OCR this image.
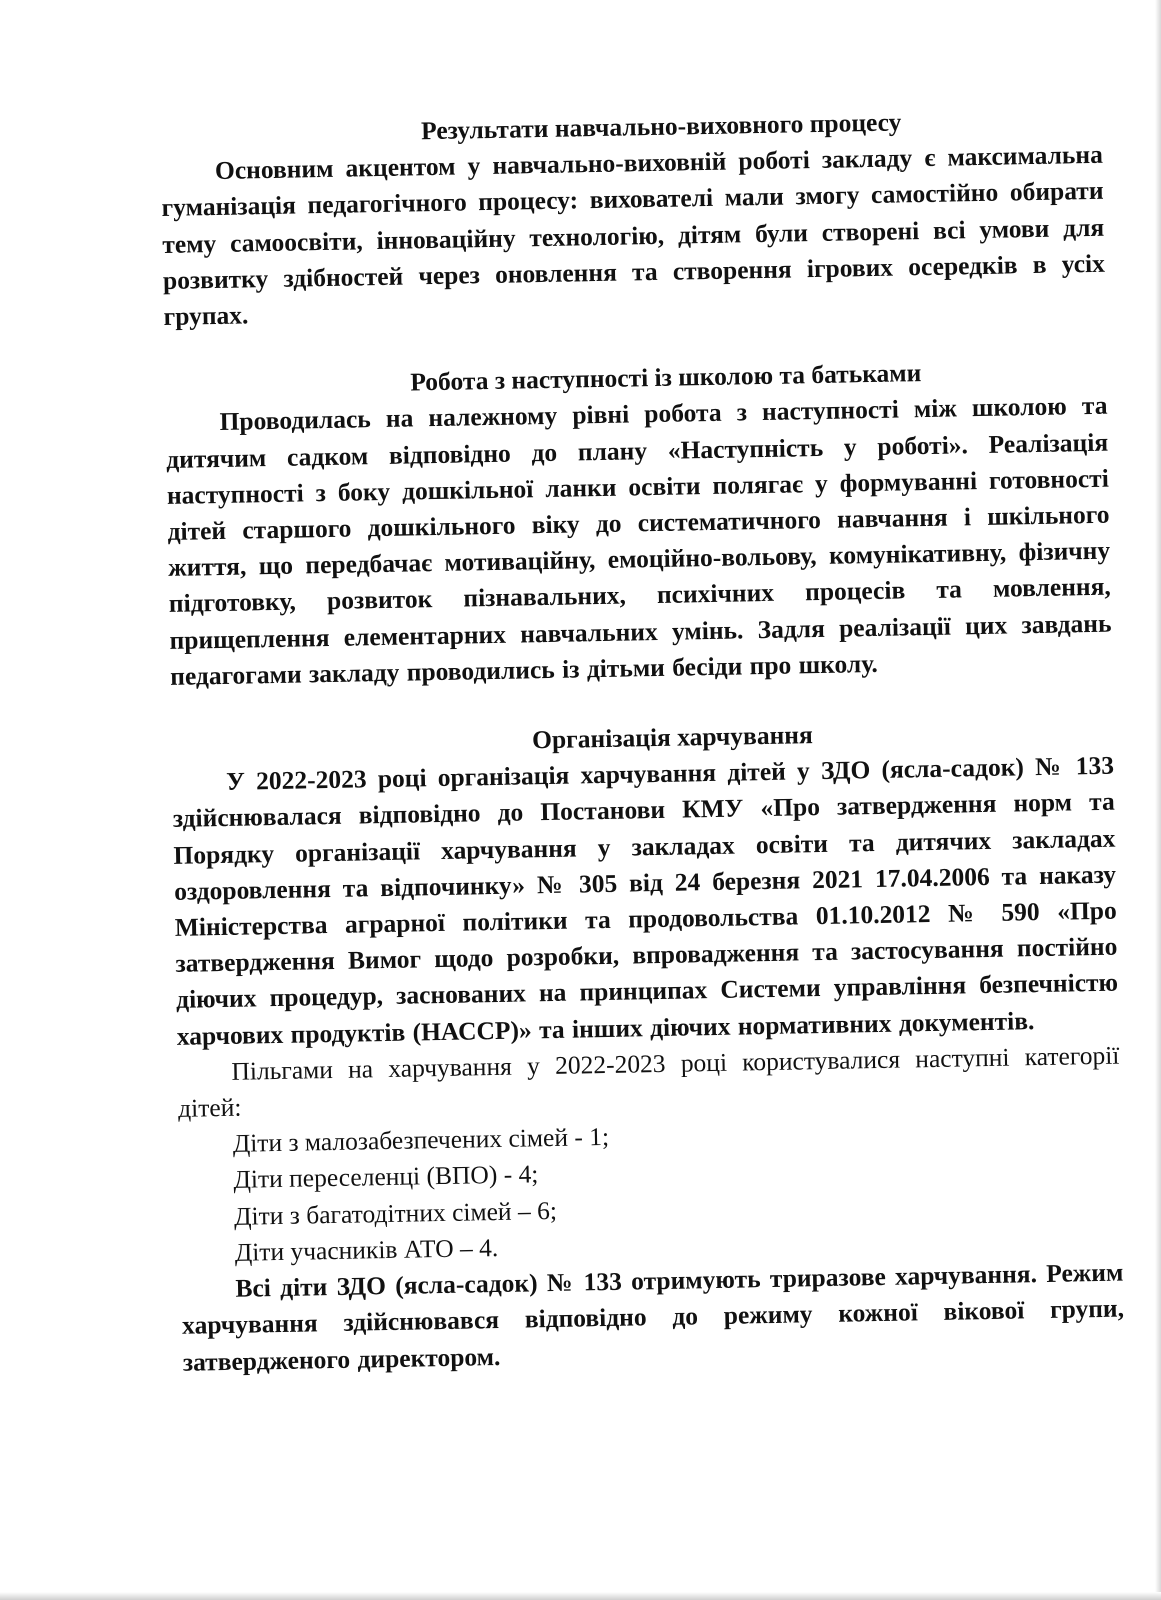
Результати навчально-виховного процесу

Основним акцентом у навчально-виховній роботі закладу є максимальна гуманізація педагогічного процесу: вихователі мали змогу самостійно обирати тему самоосвіти, інноваційну технологію, дітям були створені всі умови для розвитку здібностей через оновлення та створення ігрових осередків в усіх групах.

Робота з наступності із школою та батьками

Проводилась на належному рівні робота з наступності між школою та дитячим садком відповідно до плану «Наступність у роботі». Реалізація наступності з боку дошкільної ланки освіти полягає у формуванні готовності дітей старшого дошкільного віку до систематичного навчання і шкільного життя, що передбачає мотиваційну, емоційно-вольову, комунікативну, фізичну підготовку, розвиток пізнавальних, психічних процесів та мовлення, прищеплення елементарних навчальних умінь. Задля реалізації цих завдань педагогами закладу проводились із дітьми бесіди про школу.

Організація харчування

У 2022-2023 році організація харчування дітей у ЗДО (ясла-садок) № 133 здійснювалася відповідно до Постанови КМУ «Про затвердження норм та Порядку організації харчування у закладах освіти та дитячих закладах оздоровлення та відпочинку» № 305 від 24 березня 2021 17.04.2006 та наказу Міністерства аграрної політики та продовольства 01.10.2012 № 590 «Про затвердження Вимог щодо розробки, впровадження та застосування постійно діючих процедур, заснованих на принципах Системи управління безпечністю харчових продуктів (НАССР)» та інших діючих нормативних документів.

Пільгами на харчування у 2022-2023 році користувалися наступні категорії дітей:

Діти з малозабезпечених сімей - 1;

Діти переселенці (ВПО) - 4;

Діти з багатодітних сімей – 6;

Діти учасників АТО – 4.

Всі діти ЗДО (ясла-садок) № 133 отримують триразове харчування. Режим харчування здійснювався відповідно до режиму кожної вікової групи, затвердженого директором.
